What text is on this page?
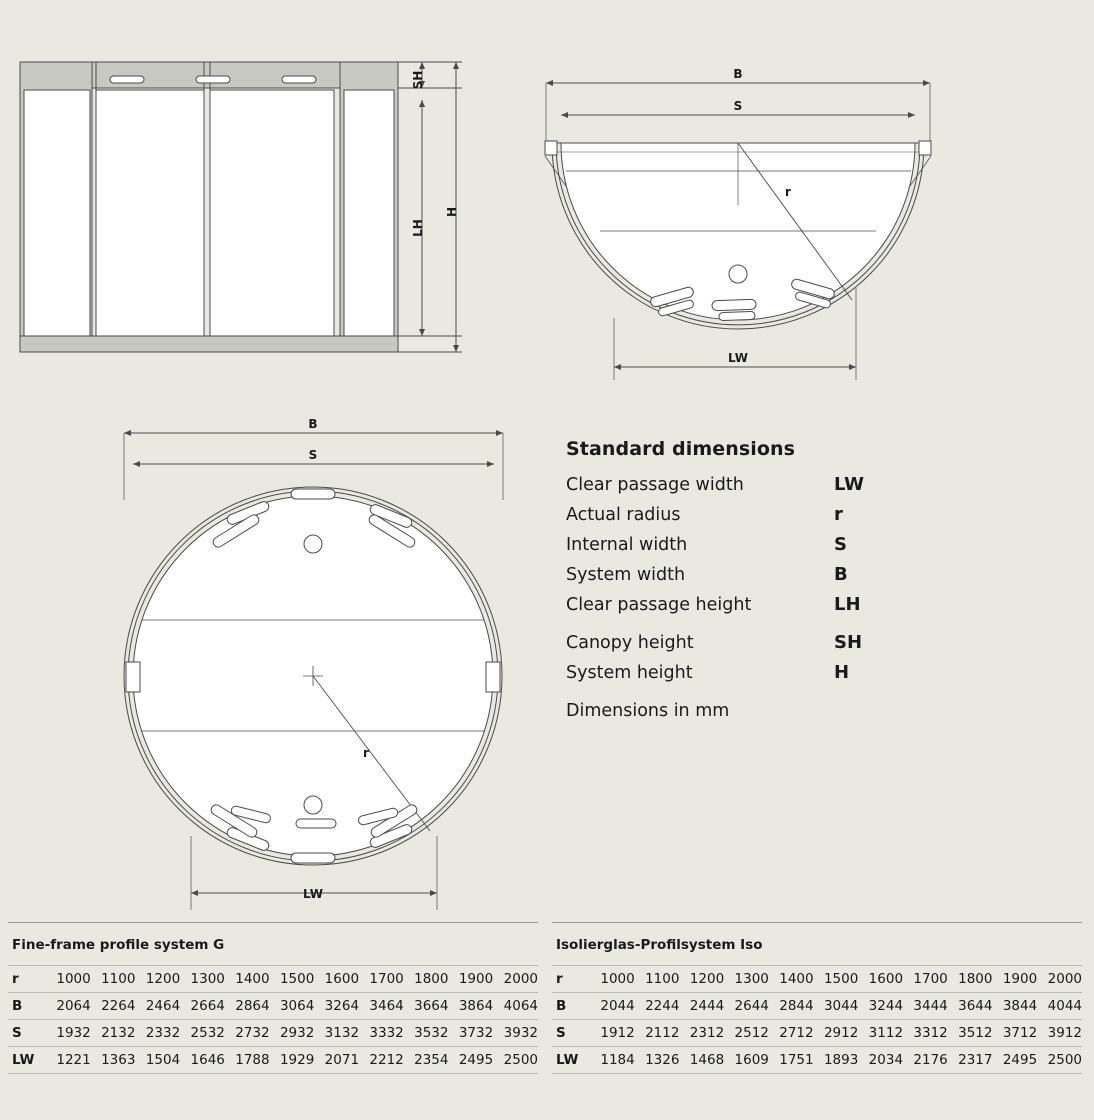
SH
LH
H
B
S
LW
r
B
S
LW
r
Standard dimensions
Clear passage width	LW
Actual radius	r
Internal width	S
System width	B
Clear passage height	LH
Canopy height	SH
System height	H
Dimensions in mm
Fine-frame profile system G
r	1000	1100	1200	1300	1400	1500	1600	1700	1800	1900	2000
B	2064	2264	2464	2664	2864	3064	3264	3464	3664	3864	4064
S	1932	2132	2332	2532	2732	2932	3132	3332	3532	3732	3932
LW	1221	1363	1504	1646	1788	1929	2071	2212	2354	2495	2500
Isolierglas-Profilsystem Iso
r	1000	1100	1200	1300	1400	1500	1600	1700	1800	1900	2000
B	2044	2244	2444	2644	2844	3044	3244	3444	3644	3844	4044
S	1912	2112	2312	2512	2712	2912	3112	3312	3512	3712	3912
LW	1184	1326	1468	1609	1751	1893	2034	2176	2317	2495	2500
